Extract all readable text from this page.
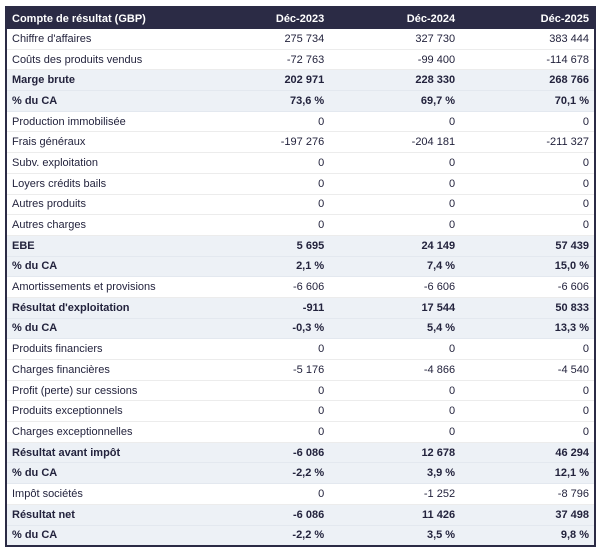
Compte de résultat (GBP)	Déc-2023	Déc-2024	Déc-2025
Chiffre d'affaires	275 734	327 730	383 444
Coûts des produits vendus	-72 763	-99 400	-114 678
Marge brute	202 971	228 330	268 766
% du CA	73,6 %	69,7 %	70,1 %
Production immobilisée	0	0	0
Frais généraux	-197 276	-204 181	-211 327
Subv. exploitation	0	0	0
Loyers crédits bails	0	0	0
Autres produits	0	0	0
Autres charges	0	0	0
EBE	5 695	24 149	57 439
% du CA	2,1 %	7,4 %	15,0 %
Amortissements et provisions	-6 606	-6 606	-6 606
Résultat d'exploitation	-911	17 544	50 833
% du CA	-0,3 %	5,4 %	13,3 %
Produits financiers	0	0	0
Charges financières	-5 176	-4 866	-4 540
Profit (perte) sur cessions	0	0	0
Produits exceptionnels	0	0	0
Charges exceptionnelles	0	0	0
Résultat avant impôt	-6 086	12 678	46 294
% du CA	-2,2 %	3,9 %	12,1 %
Impôt sociétés	0	-1 252	-8 796
Résultat net	-6 086	11 426	37 498
% du CA	-2,2 %	3,5 %	9,8 %
